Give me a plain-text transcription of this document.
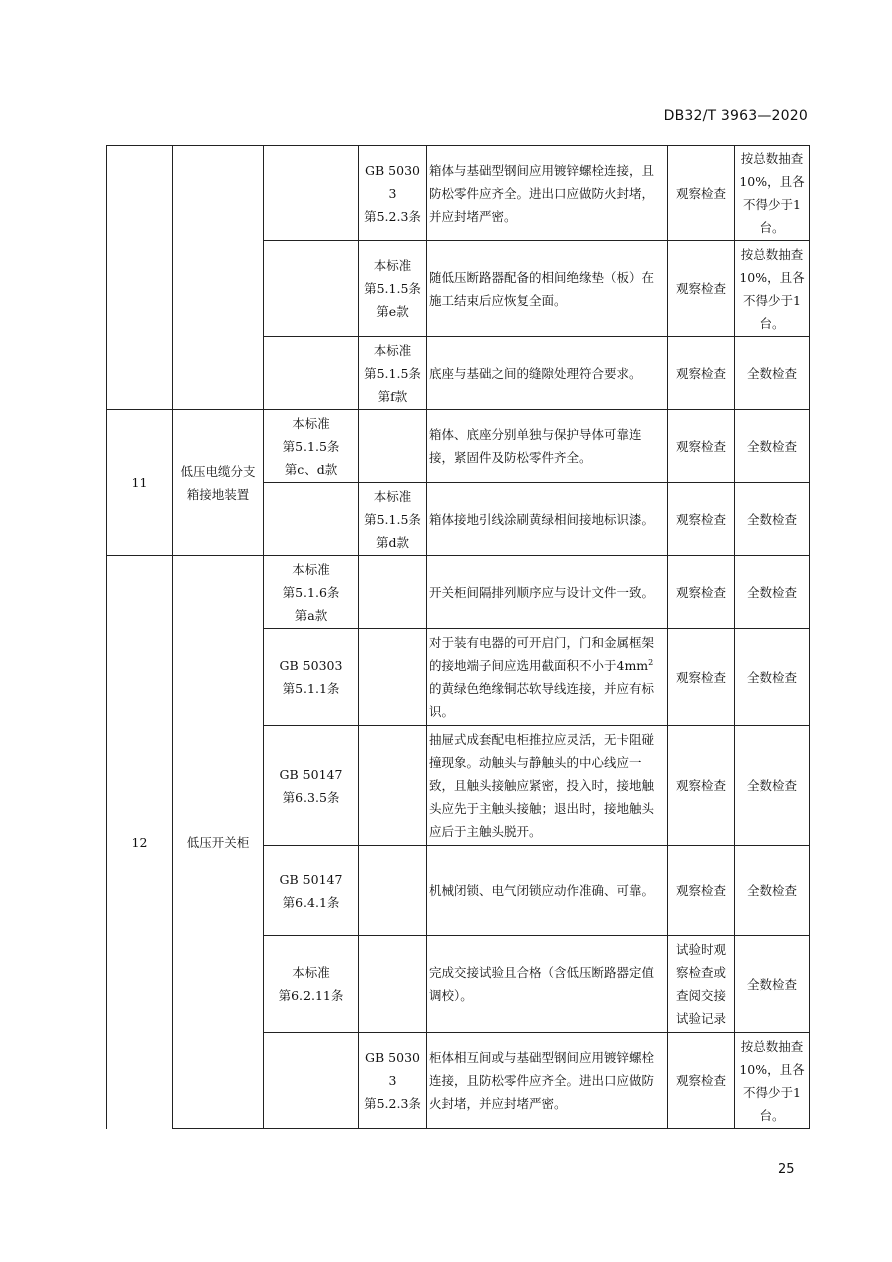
DB32/T 3963—2020
			GB 50303
第5.2.3条	箱体与基础型钢间应用镀锌螺栓连接，且防松零件应齐全。进出口应做防火封堵，并应封堵严密。	观察检查	按总数抽查10%，且各不得少于1台。
			本标准
第5.1.5条
第e款	随低压断路器配备的相间绝缘垫（板）在施工结束后应恢复全面。	观察检查	按总数抽查10%，且各不得少于1台。
			本标准
第5.1.5条
第f款	底座与基础之间的缝隙处理符合要求。	观察检查	全数检查
11	低压电缆分支箱接地装置	本标准
第5.1.5条
第c、d款		箱体、底座分别单独与保护导体可靠连接，紧固件及防松零件齐全。	观察检查	全数检查
			本标准
第5.1.5条
第d款	箱体接地引线涂刷黄绿相间接地标识漆。	观察检查	全数检查
12	低压开关柜	本标准
第5.1.6条
第a款		开关柜间隔排列顺序应与设计文件一致。	观察检查	全数检查
		GB 50303
第5.1.1条		对于装有电器的可开启门，门和金属框架的接地端子间应选用截面积不小于$4mm^2$的黄绿色绝缘铜芯软导线连接，并应有标识。	观察检查	全数检查
		GB 50147
第6.3.5条		抽屉式成套配电柜推拉应灵活，无卡阻碰撞现象。动触头与静触头的中心线应一致，且触头接触应紧密，投入时，接地触头应先于主触头接触；退出时，接地触头应后于主触头脱开。	观察检查	全数检查
		GB 50147
第6.4.1条		机械闭锁、电气闭锁应动作准确、可靠。	观察检查	全数检查
		本标准
第6.2.11条		完成交接试验且合格（含低压断路器定值调校）。	试验时观察检查或查阅交接试验记录	全数检查
			GB 50303
第5.2.3条	柜体相互间或与基础型钢间应用镀锌螺栓连接，且防松零件应齐全。进出口应做防火封堵，并应封堵严密。	观察检查	按总数抽查10%，且各不得少于1台。
25
